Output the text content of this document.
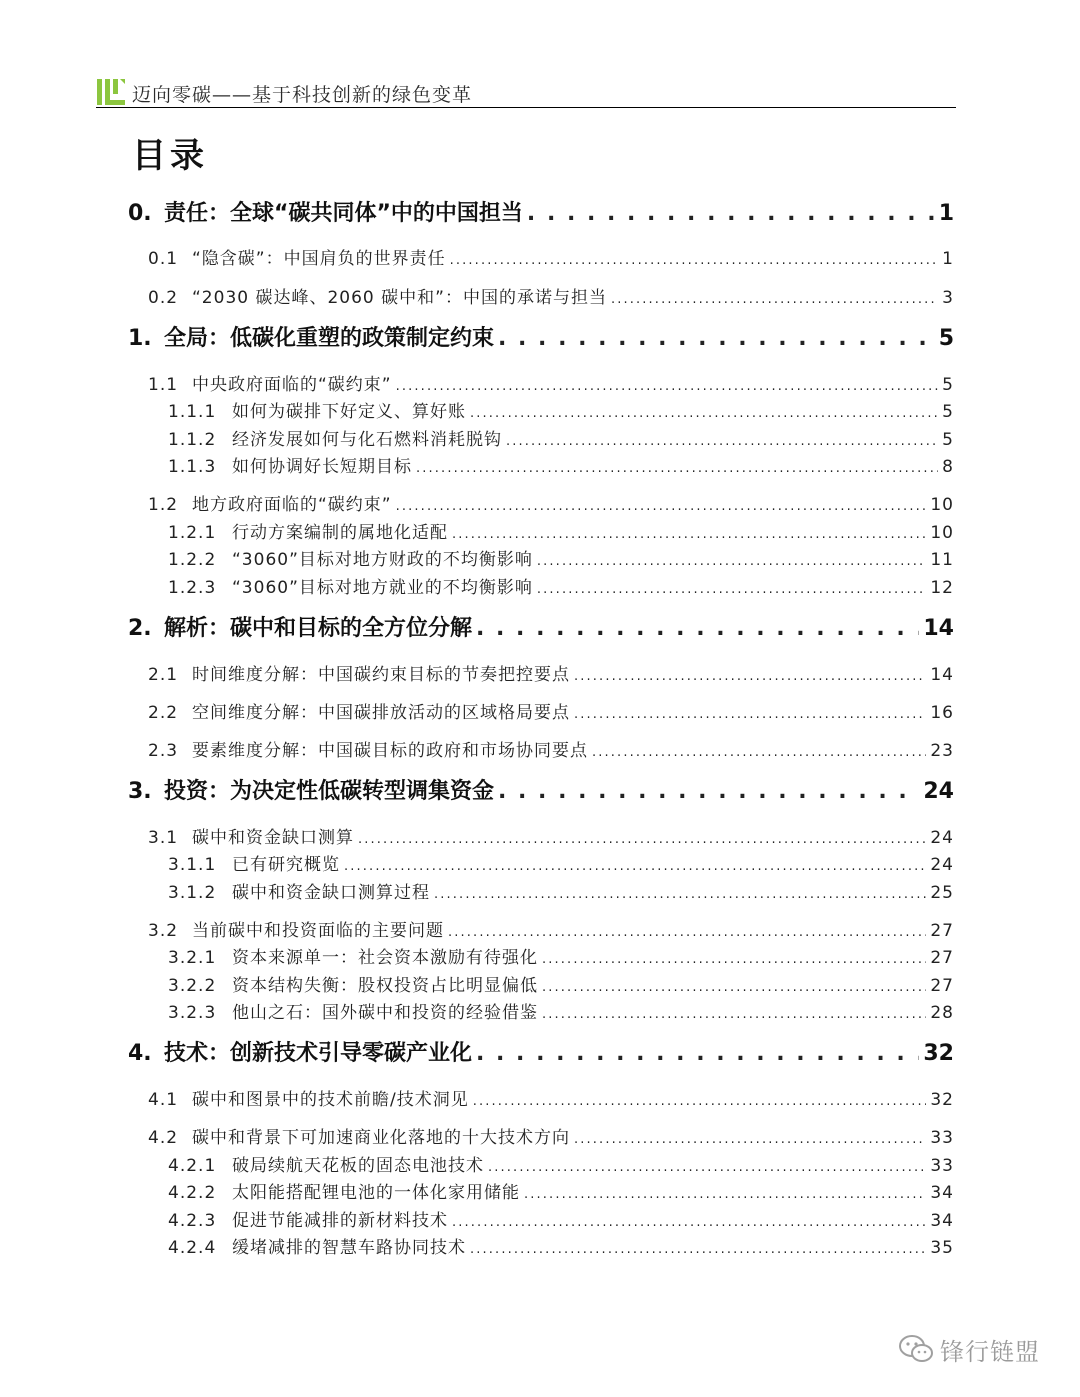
迈向零碳——基于科技创新的绿色变革
目录
0. 责任：全球“碳共同体”中的中国担当 . . .	1
0.1 “隐含碳”：中国肩负的世界责任 . . .	1
0.2 “2030 碳达峰、2060 碳中和”：中国的承诺与担当 . . .	3
1. 全局：低碳化重塑的政策制定约束 . . .	5
1.1 中央政府面临的“碳约束” . . .	5
1.1.1 如何为碳排下好定义、算好账 . . .	5
1.1.2 经济发展如何与化石燃料消耗脱钩 . . .	5
1.1.3 如何协调好长短期目标 . . .	8
1.2 地方政府面临的“碳约束” . . .	10
1.2.1 行动方案编制的属地化适配 . . .	10
1.2.2 “3060”目标对地方财政的不均衡影响 . . .	11
1.2.3 “3060”目标对地方就业的不均衡影响 . . .	12
2. 解析：碳中和目标的全方位分解 . . .	14
2.1 时间维度分解：中国碳约束目标的节奏把控要点 . . .	14
2.2 空间维度分解：中国碳排放活动的区域格局要点 . . .	16
2.3 要素维度分解：中国碳目标的政府和市场协同要点 . . .	23
3. 投资：为决定性低碳转型调集资金 . . .	24
3.1 碳中和资金缺口测算 . . .	24
3.1.1 已有研究概览 . . .	24
3.1.2 碳中和资金缺口测算过程 . . .	25
3.2 当前碳中和投资面临的主要问题 . . .	27
3.2.1 资本来源单一：社会资本激励有待强化 . . .	27
3.2.2 资本结构失衡：股权投资占比明显偏低 . . .	27
3.2.3 他山之石：国外碳中和投资的经验借鉴 . . .	28
4. 技术：创新技术引导零碳产业化 . . .	32
4.1 碳中和图景中的技术前瞻/技术洞见 . . .	32
4.2 碳中和背景下可加速商业化落地的十大技术方向 . . .	33
4.2.1 破局续航天花板的固态电池技术 . . .	33
4.2.2 太阳能搭配锂电池的一体化家用储能 . . .	34
4.2.3 促进节能减排的新材料技术 . . .	34
4.2.4 缓堵减排的智慧车路协同技术 . . .	35
锋行链盟
